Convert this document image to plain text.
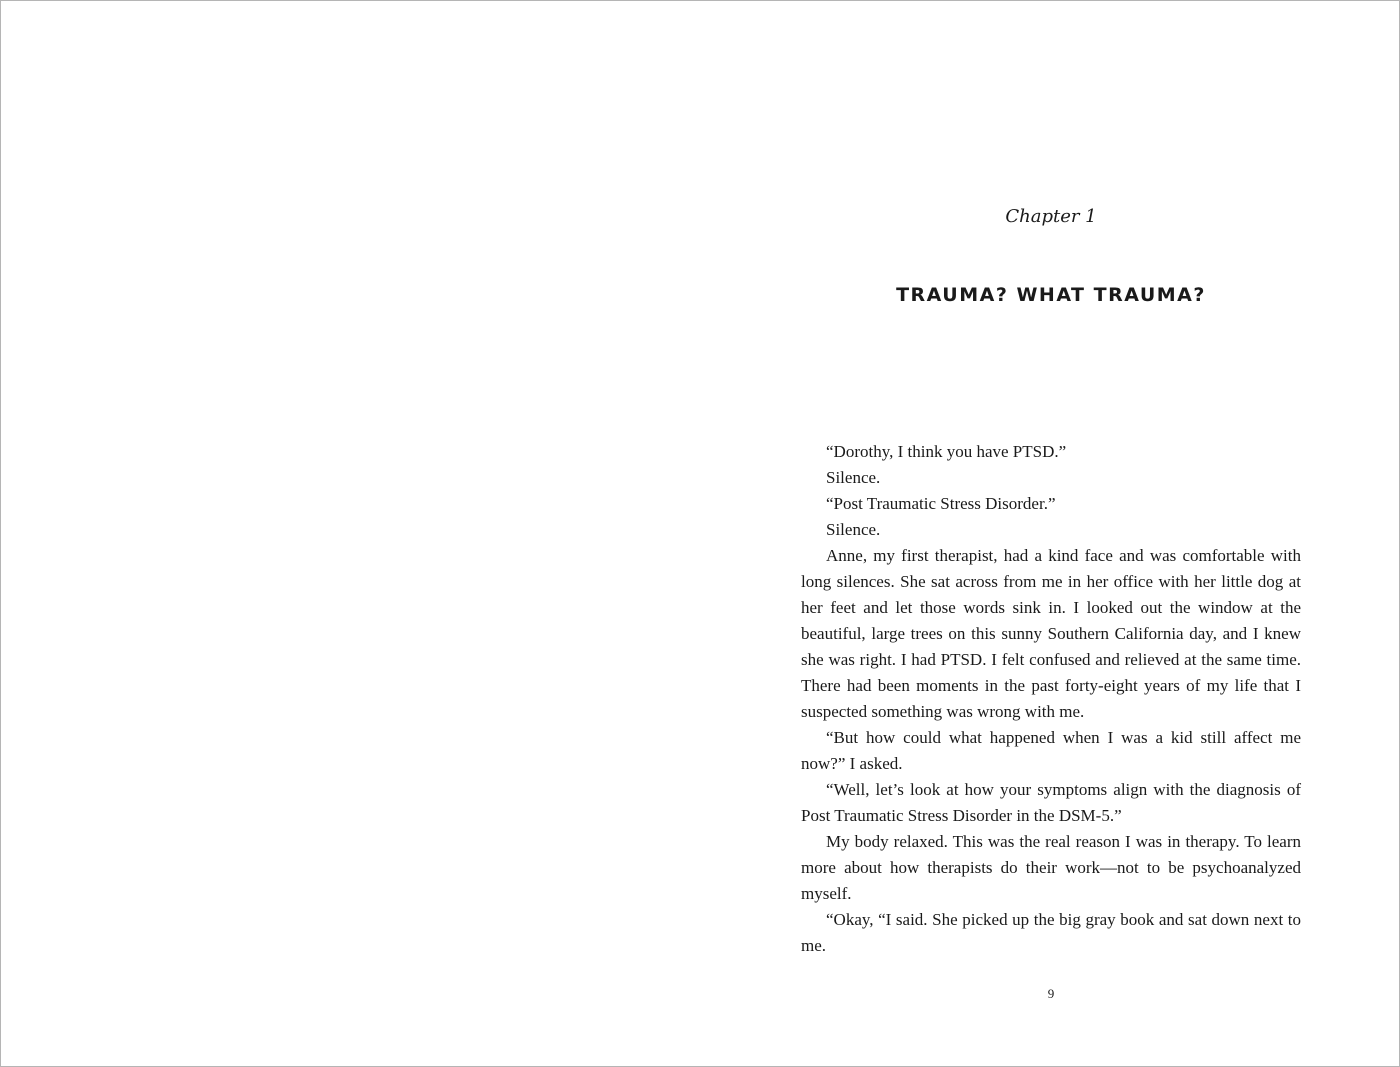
Chapter 1

TRAUMA? WHAT TRAUMA?

“Dorothy, I think you have PTSD.”

Silence.

“Post Traumatic Stress Disorder.”

Silence.

Anne, my first therapist, had a kind face and was comfortable with long silences. She sat across from me in her office with her little dog at her feet and let those words sink in. I looked out the window at the beautiful, large trees on this sunny Southern California day, and I knew she was right. I had PTSD. I felt confused and relieved at the same time. There had been moments in the past forty-eight years of my life that I suspected something was wrong with me.

“But how could what happened when I was a kid still affect me now?” I asked.

“Well, let’s look at how your symptoms align with the diagnosis of Post Traumatic Stress Disorder in the DSM-5.”

My body relaxed. This was the real reason I was in therapy. To learn more about how therapists do their work—not to be psychoanalyzed myself.

“Okay, “I said. She picked up the big gray book and sat down next to me.

9
